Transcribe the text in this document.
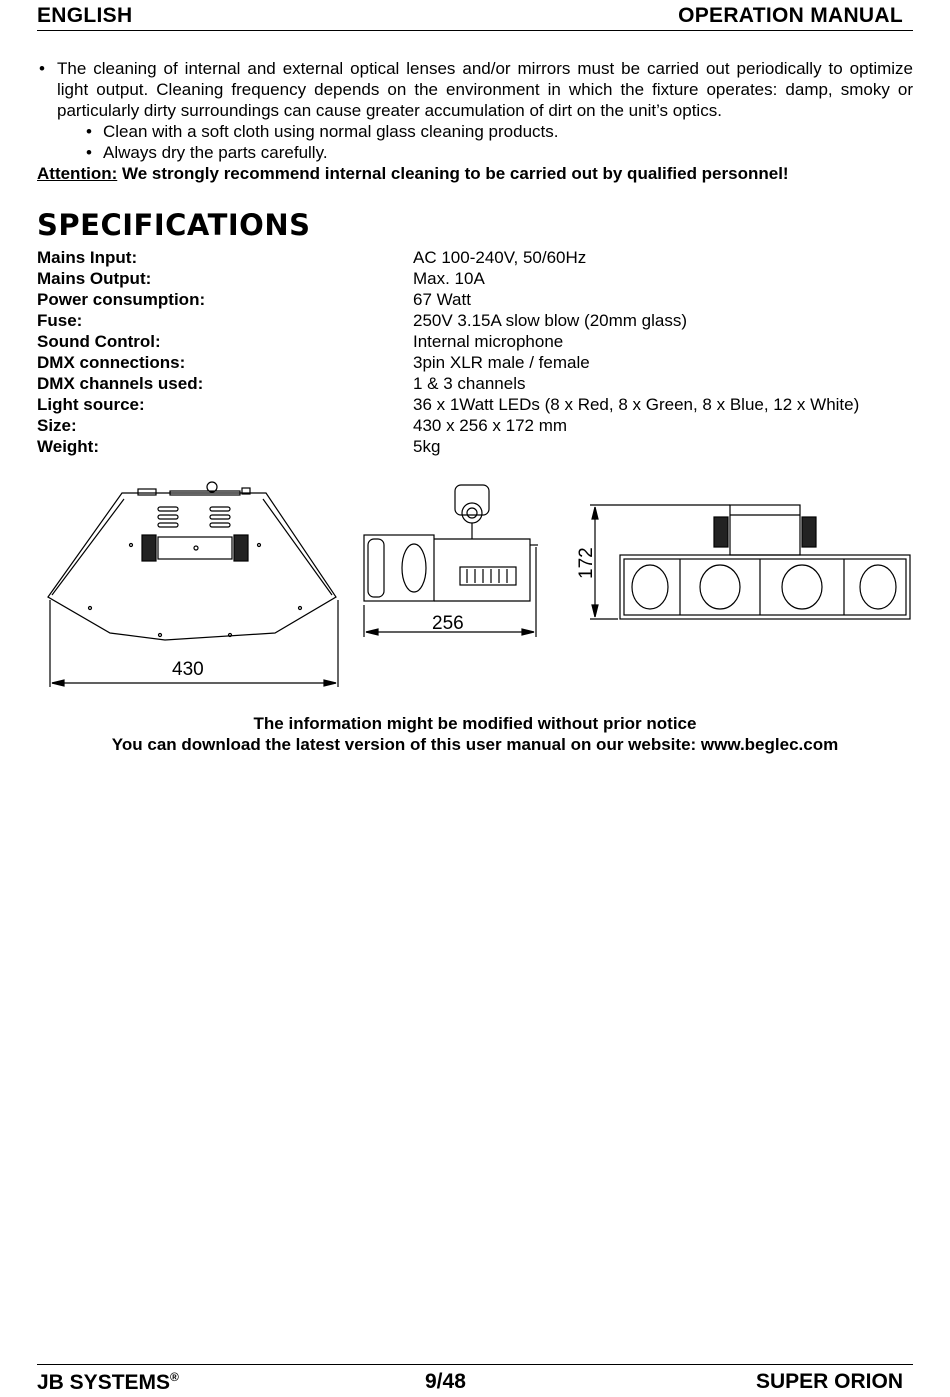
ENGLISH	OPERATION MANUAL
• The cleaning of internal and external optical lenses and/or mirrors must be carried out periodically to optimize light output. Cleaning frequency depends on the environment in which the fixture operates: damp, smoky or particularly dirty surroundings can cause greater accumulation of dirt on the unit’s optics.
• Clean with a soft cloth using normal glass cleaning products.
• Always dry the parts carefully.
Attention: We strongly recommend internal cleaning to be carried out by qualified personnel!
SPECIFICATIONS
Mains Input:	AC 100-240V, 50/60Hz
Mains Output:	Max. 10A
Power consumption:	67 Watt
Fuse:	250V 3.15A slow blow (20mm glass)
Sound Control:	Internal microphone
DMX connections:	3pin XLR male / female
DMX channels used:	1 & 3 channels
Light source:	36 x 1Watt LEDs (8 x Red, 8 x Green, 8 x Blue, 12 x White)
Size:	430 x 256 x 172 mm
Weight:	5kg
430
256
172
The information might be modified without prior notice
You can download the latest version of this user manual on our website: www.beglec.com
JB SYSTEMS®	9/48	SUPER ORION
